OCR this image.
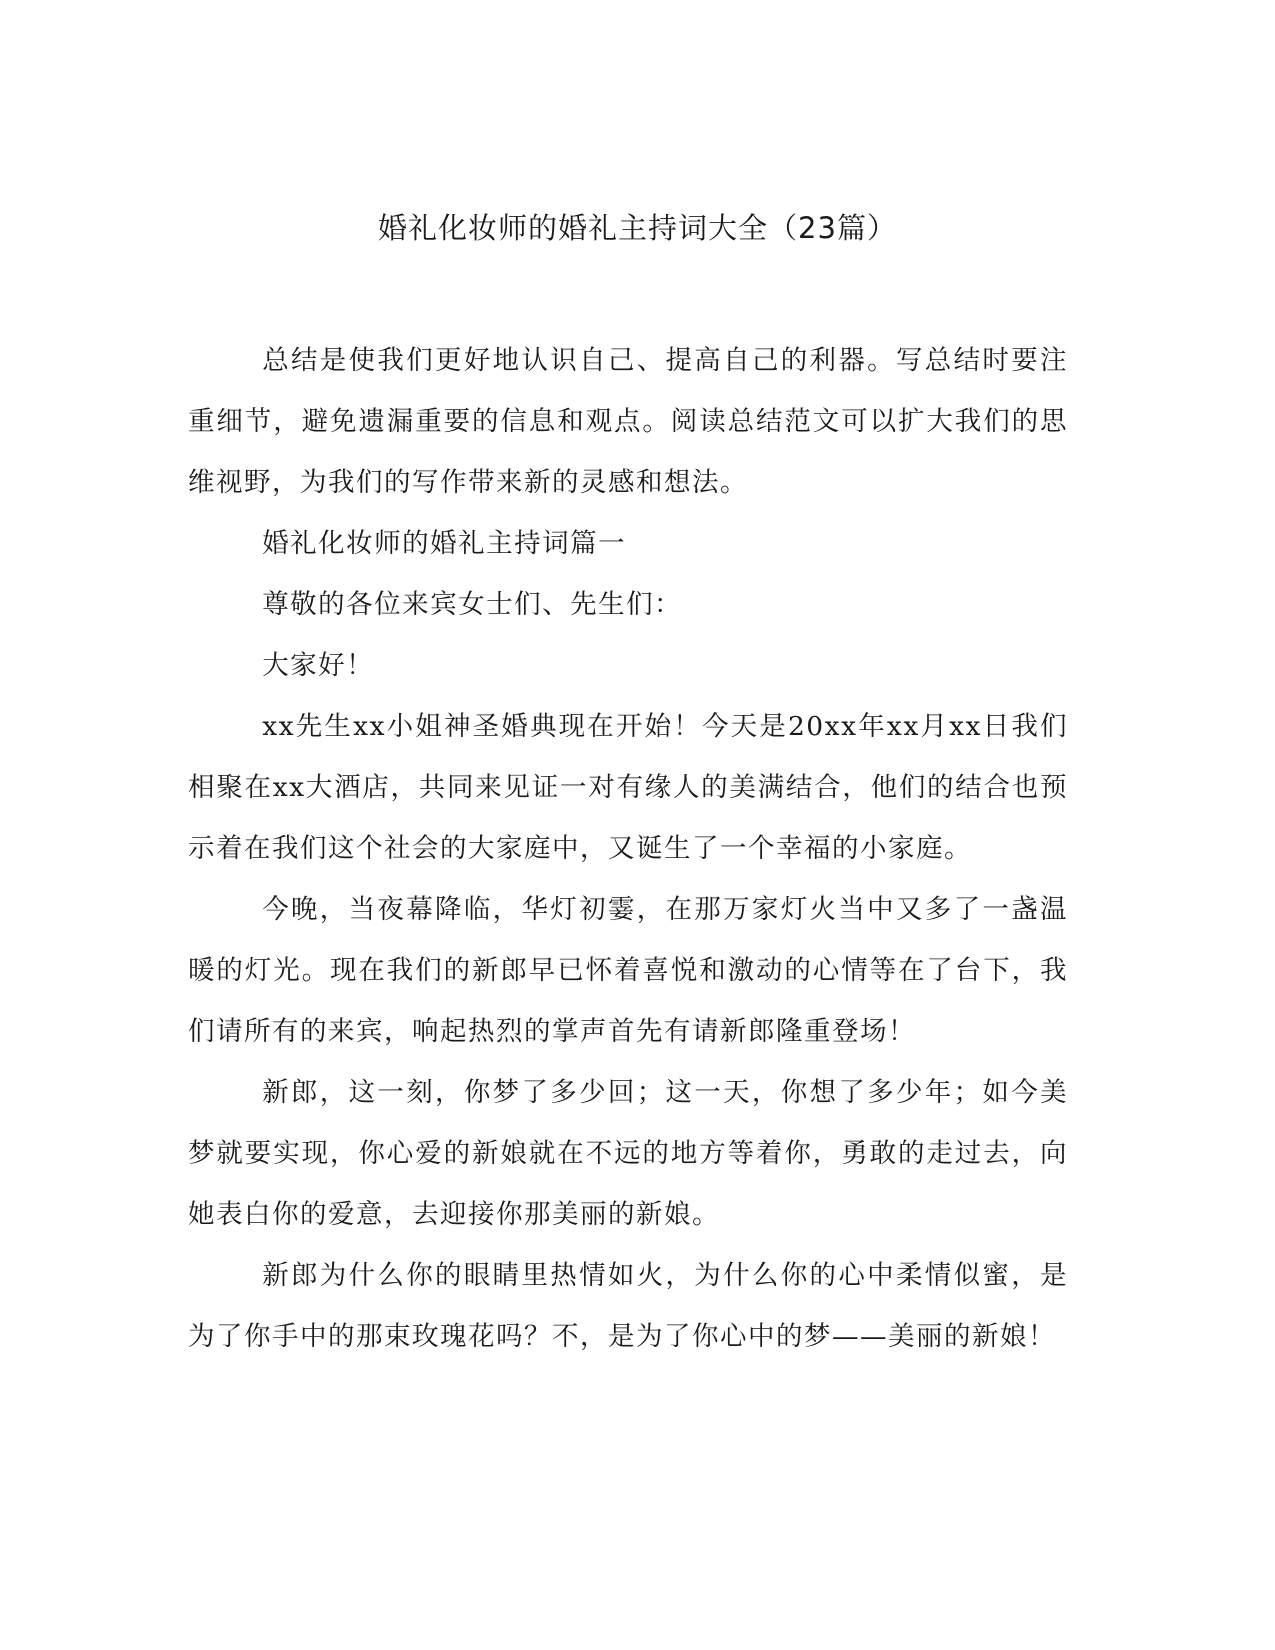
婚礼化妆师的婚礼主持词大全（23篇）

总结是使我们更好地认识自己、提高自己的利器。写总结时要注重细节，避免遗漏重要的信息和观点。阅读总结范文可以扩大我们的思维视野，为我们的写作带来新的灵感和想法。

婚礼化妆师的婚礼主持词篇一

尊敬的各位来宾女士们、先生们：

大家好！

xx先生xx小姐神圣婚典现在开始！今天是20xx年xx月xx日我们相聚在xx大酒店，共同来见证一对有缘人的美满结合，他们的结合也预示着在我们这个社会的大家庭中，又诞生了一个幸福的小家庭。

今晚，当夜幕降临，华灯初霎，在那万家灯火当中又多了一盏温暖的灯光。现在我们的新郎早已怀着喜悦和激动的心情等在了台下，我们请所有的来宾，响起热烈的掌声首先有请新郎隆重登场！

新郎，这一刻，你梦了多少回；这一天，你想了多少年；如今美梦就要实现，你心爱的新娘就在不远的地方等着你，勇敢的走过去，向她表白你的爱意，去迎接你那美丽的新娘。

新郎为什么你的眼睛里热情如火，为什么你的心中柔情似蜜，是为了你手中的那束玫瑰花吗？不，是为了你心中的梦——美丽的新娘！
